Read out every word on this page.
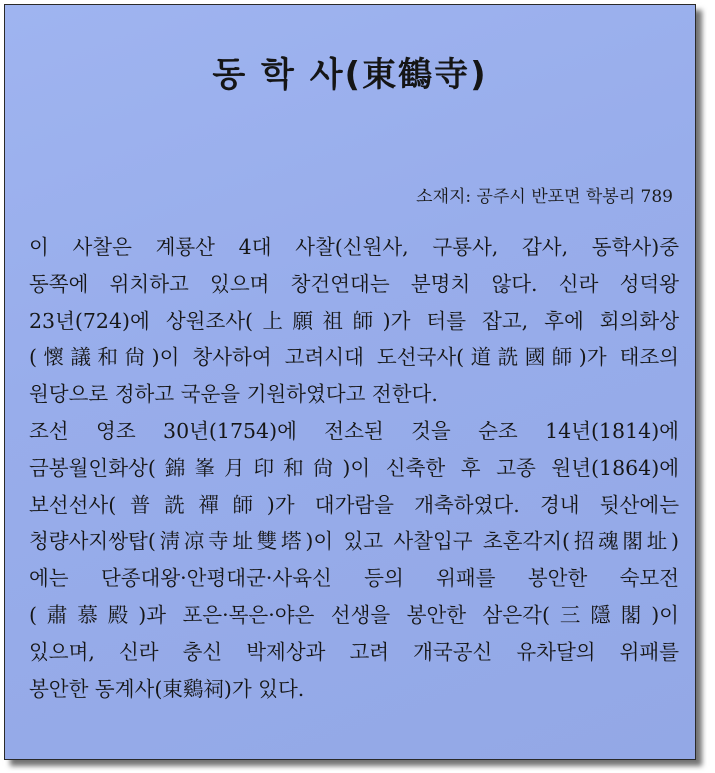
동 학 사(東鶴寺)
소재지: 공주시 반포면 학봉리 789
이 사찰은 계룡산 4대 사찰(신원사, 구룡사, 갑사, 동학사)중
동쪽에 위치하고 있으며 창건연대는 분명치 않다. 신라 성덕왕
23년(724)에 상원조사(上願祖師)가 터를 잡고, 후에 회의화상
(懷議和尙)이 창사하여 고려시대 도선국사(道詵國師)가 태조의
원당으로 정하고 국운을 기원하였다고 전한다.
조선 영조 30년(1754)에 전소된 것을 순조 14년(1814)에
금봉월인화상(錦峯月印和尙)이 신축한 후 고종 원년(1864)에
보선선사(普詵禪師)가 대가람을 개축하였다. 경내 뒷산에는
청량사지쌍탑(淸凉寺址雙塔)이 있고 사찰입구 초혼각지(招魂閣址)
에는 단종대왕·안평대군·사육신 등의 위패를 봉안한 숙모전
(肅慕殿)과 포은·목은·야은 선생을 봉안한 삼은각(三隱閣)이
있으며, 신라 충신 박제상과 고려 개국공신 유차달의 위패를
봉안한 동계사(東鷄祠)가 있다.
